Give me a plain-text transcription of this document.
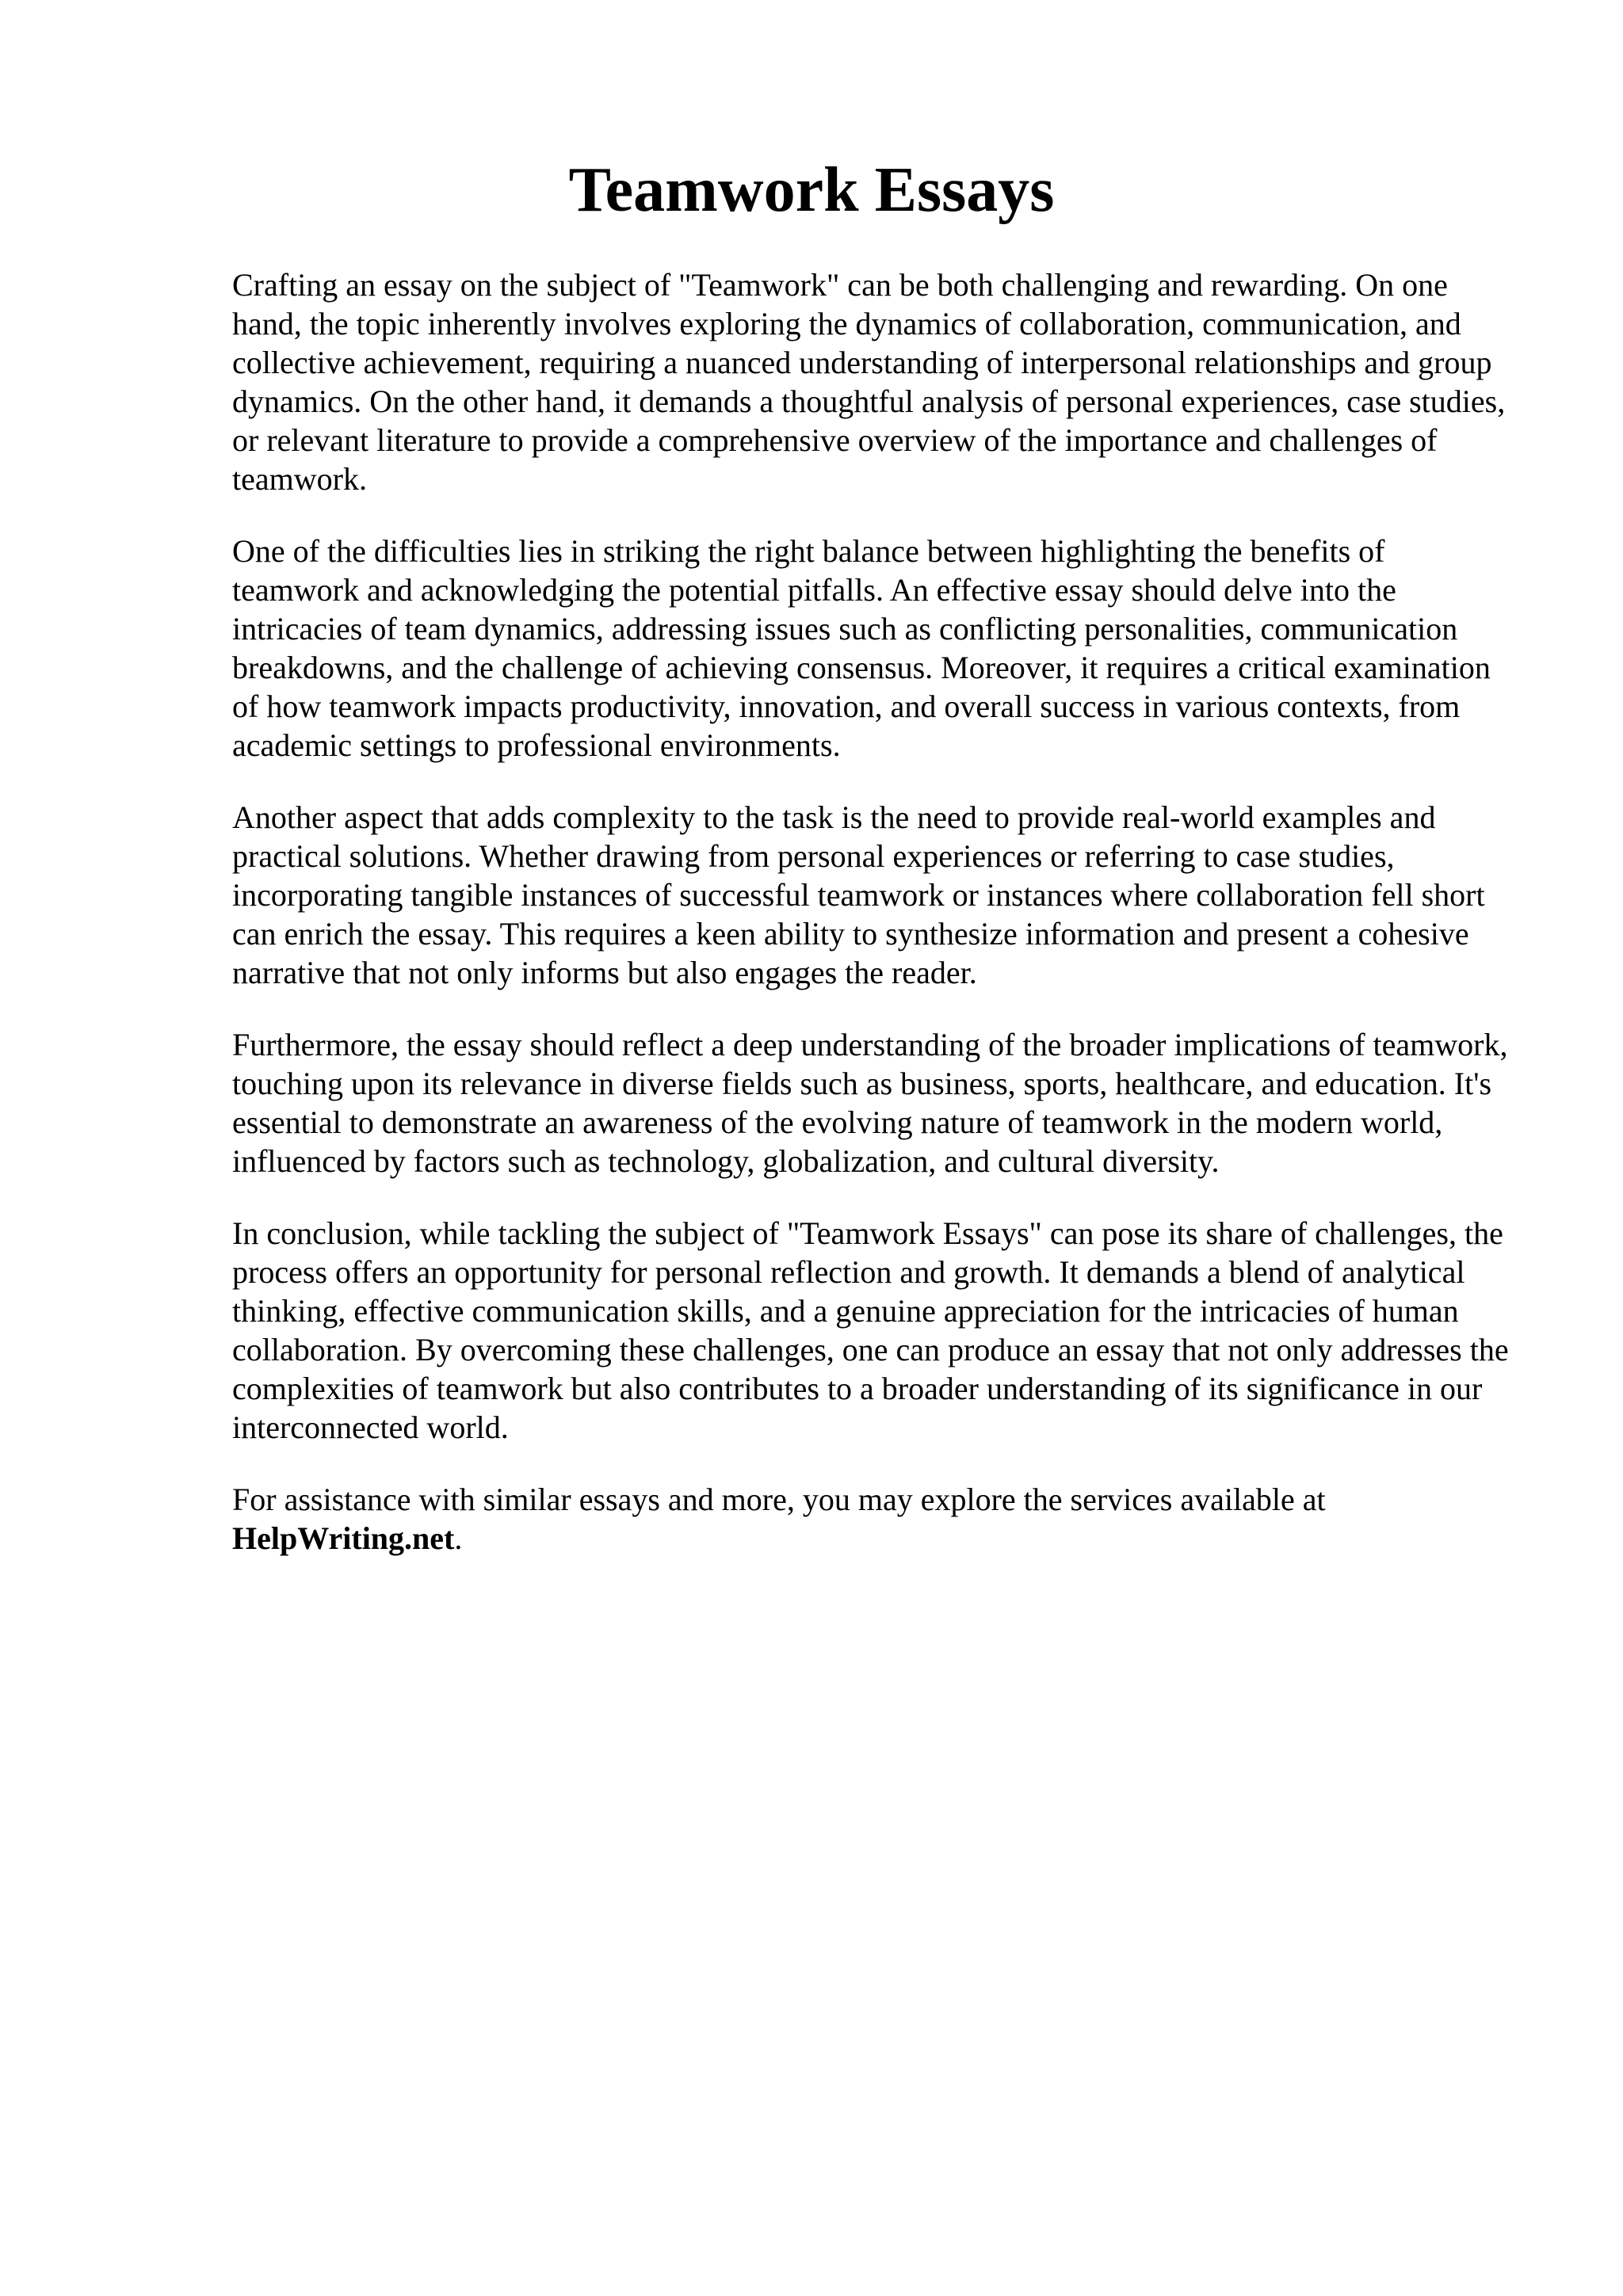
Teamwork Essays

Crafting an essay on the subject of "Teamwork" can be both challenging and rewarding. On one hand, the topic inherently involves exploring the dynamics of collaboration, communication, and collective achievement, requiring a nuanced understanding of interpersonal relationships and group dynamics. On the other hand, it demands a thoughtful analysis of personal experiences, case studies, or relevant literature to provide a comprehensive overview of the importance and challenges of teamwork.

One of the difficulties lies in striking the right balance between highlighting the benefits of teamwork and acknowledging the potential pitfalls. An effective essay should delve into the intricacies of team dynamics, addressing issues such as conflicting personalities, communication breakdowns, and the challenge of achieving consensus. Moreover, it requires a critical examination of how teamwork impacts productivity, innovation, and overall success in various contexts, from academic settings to professional environments.

Another aspect that adds complexity to the task is the need to provide real-world examples and practical solutions. Whether drawing from personal experiences or referring to case studies, incorporating tangible instances of successful teamwork or instances where collaboration fell short can enrich the essay. This requires a keen ability to synthesize information and present a cohesive narrative that not only informs but also engages the reader.

Furthermore, the essay should reflect a deep understanding of the broader implications of teamwork, touching upon its relevance in diverse fields such as business, sports, healthcare, and education. It's essential to demonstrate an awareness of the evolving nature of teamwork in the modern world, influenced by factors such as technology, globalization, and cultural diversity.

In conclusion, while tackling the subject of "Teamwork Essays" can pose its share of challenges, the process offers an opportunity for personal reflection and growth. It demands a blend of analytical thinking, effective communication skills, and a genuine appreciation for the intricacies of human collaboration. By overcoming these challenges, one can produce an essay that not only addresses the complexities of teamwork but also contributes to a broader understanding of its significance in our interconnected world.

For assistance with similar essays and more, you may explore the services available at HelpWriting.net.
